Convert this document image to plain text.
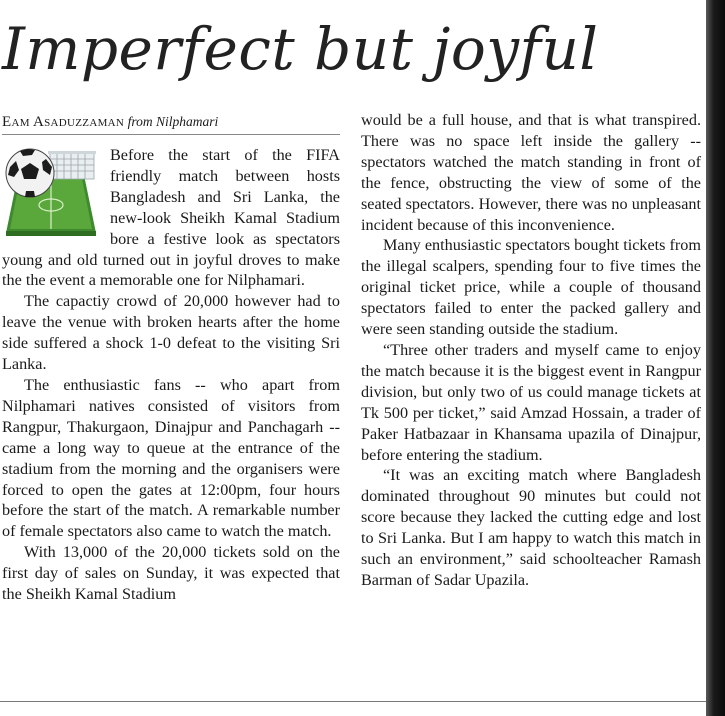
Imperfect but joyful
Eam Asaduzzaman from Nilphamari

Before the start of the FIFA friendly match between hosts Bangladesh and Sri Lanka, the new-look Sheikh Kamal Stadium bore a festive look as spectators young and old turned out in joyful droves to make the the event a memorable one for Nilphamari.

The capactiy crowd of 20,000 however had to leave the venue with broken hearts after the home side suffered a shock 1-0 defeat to the visiting Sri Lanka.

The enthusiastic fans -- who apart from Nilphamari natives consisted of visitors from Rangpur, Thakurgaon, Dinajpur and Panchagarh -- came a long way to queue at the entrance of the stadium from the morning and the organisers were forced to open the gates at 12:00pm, four hours before the start of the match. A remarkable number of female spectators also came to watch the match.

With 13,000 of the 20,000 tickets sold on the first day of sales on Sunday, it was expected that the Sheikh Kamal Stadium

would be a full house, and that is what transpired. There was no space left inside the gallery -- spectators watched the match standing in front of the fence, obstructing the view of some of the seated spectators. However, there was no unpleasant incident because of this inconvenience.

Many enthusiastic spectators bought tickets from the illegal scalpers, spending four to five times the original ticket price, while a couple of thousand spectators failed to enter the packed gallery and were seen standing outside the stadium.

“Three other traders and myself came to enjoy the match because it is the biggest event in Rangpur division, but only two of us could manage tickets at Tk 500 per ticket,” said Amzad Hossain, a trader of Paker Hatbazaar in Khansama upazila of Dinajpur, before entering the stadium.

“It was an exciting match where Bangladesh dominated throughout 90 minutes but could not score because they lacked the cutting edge and lost to Sri Lanka. But I am happy to watch this match in such an environment,” said schoolteacher Ramash Barman of Sadar Upazila.
